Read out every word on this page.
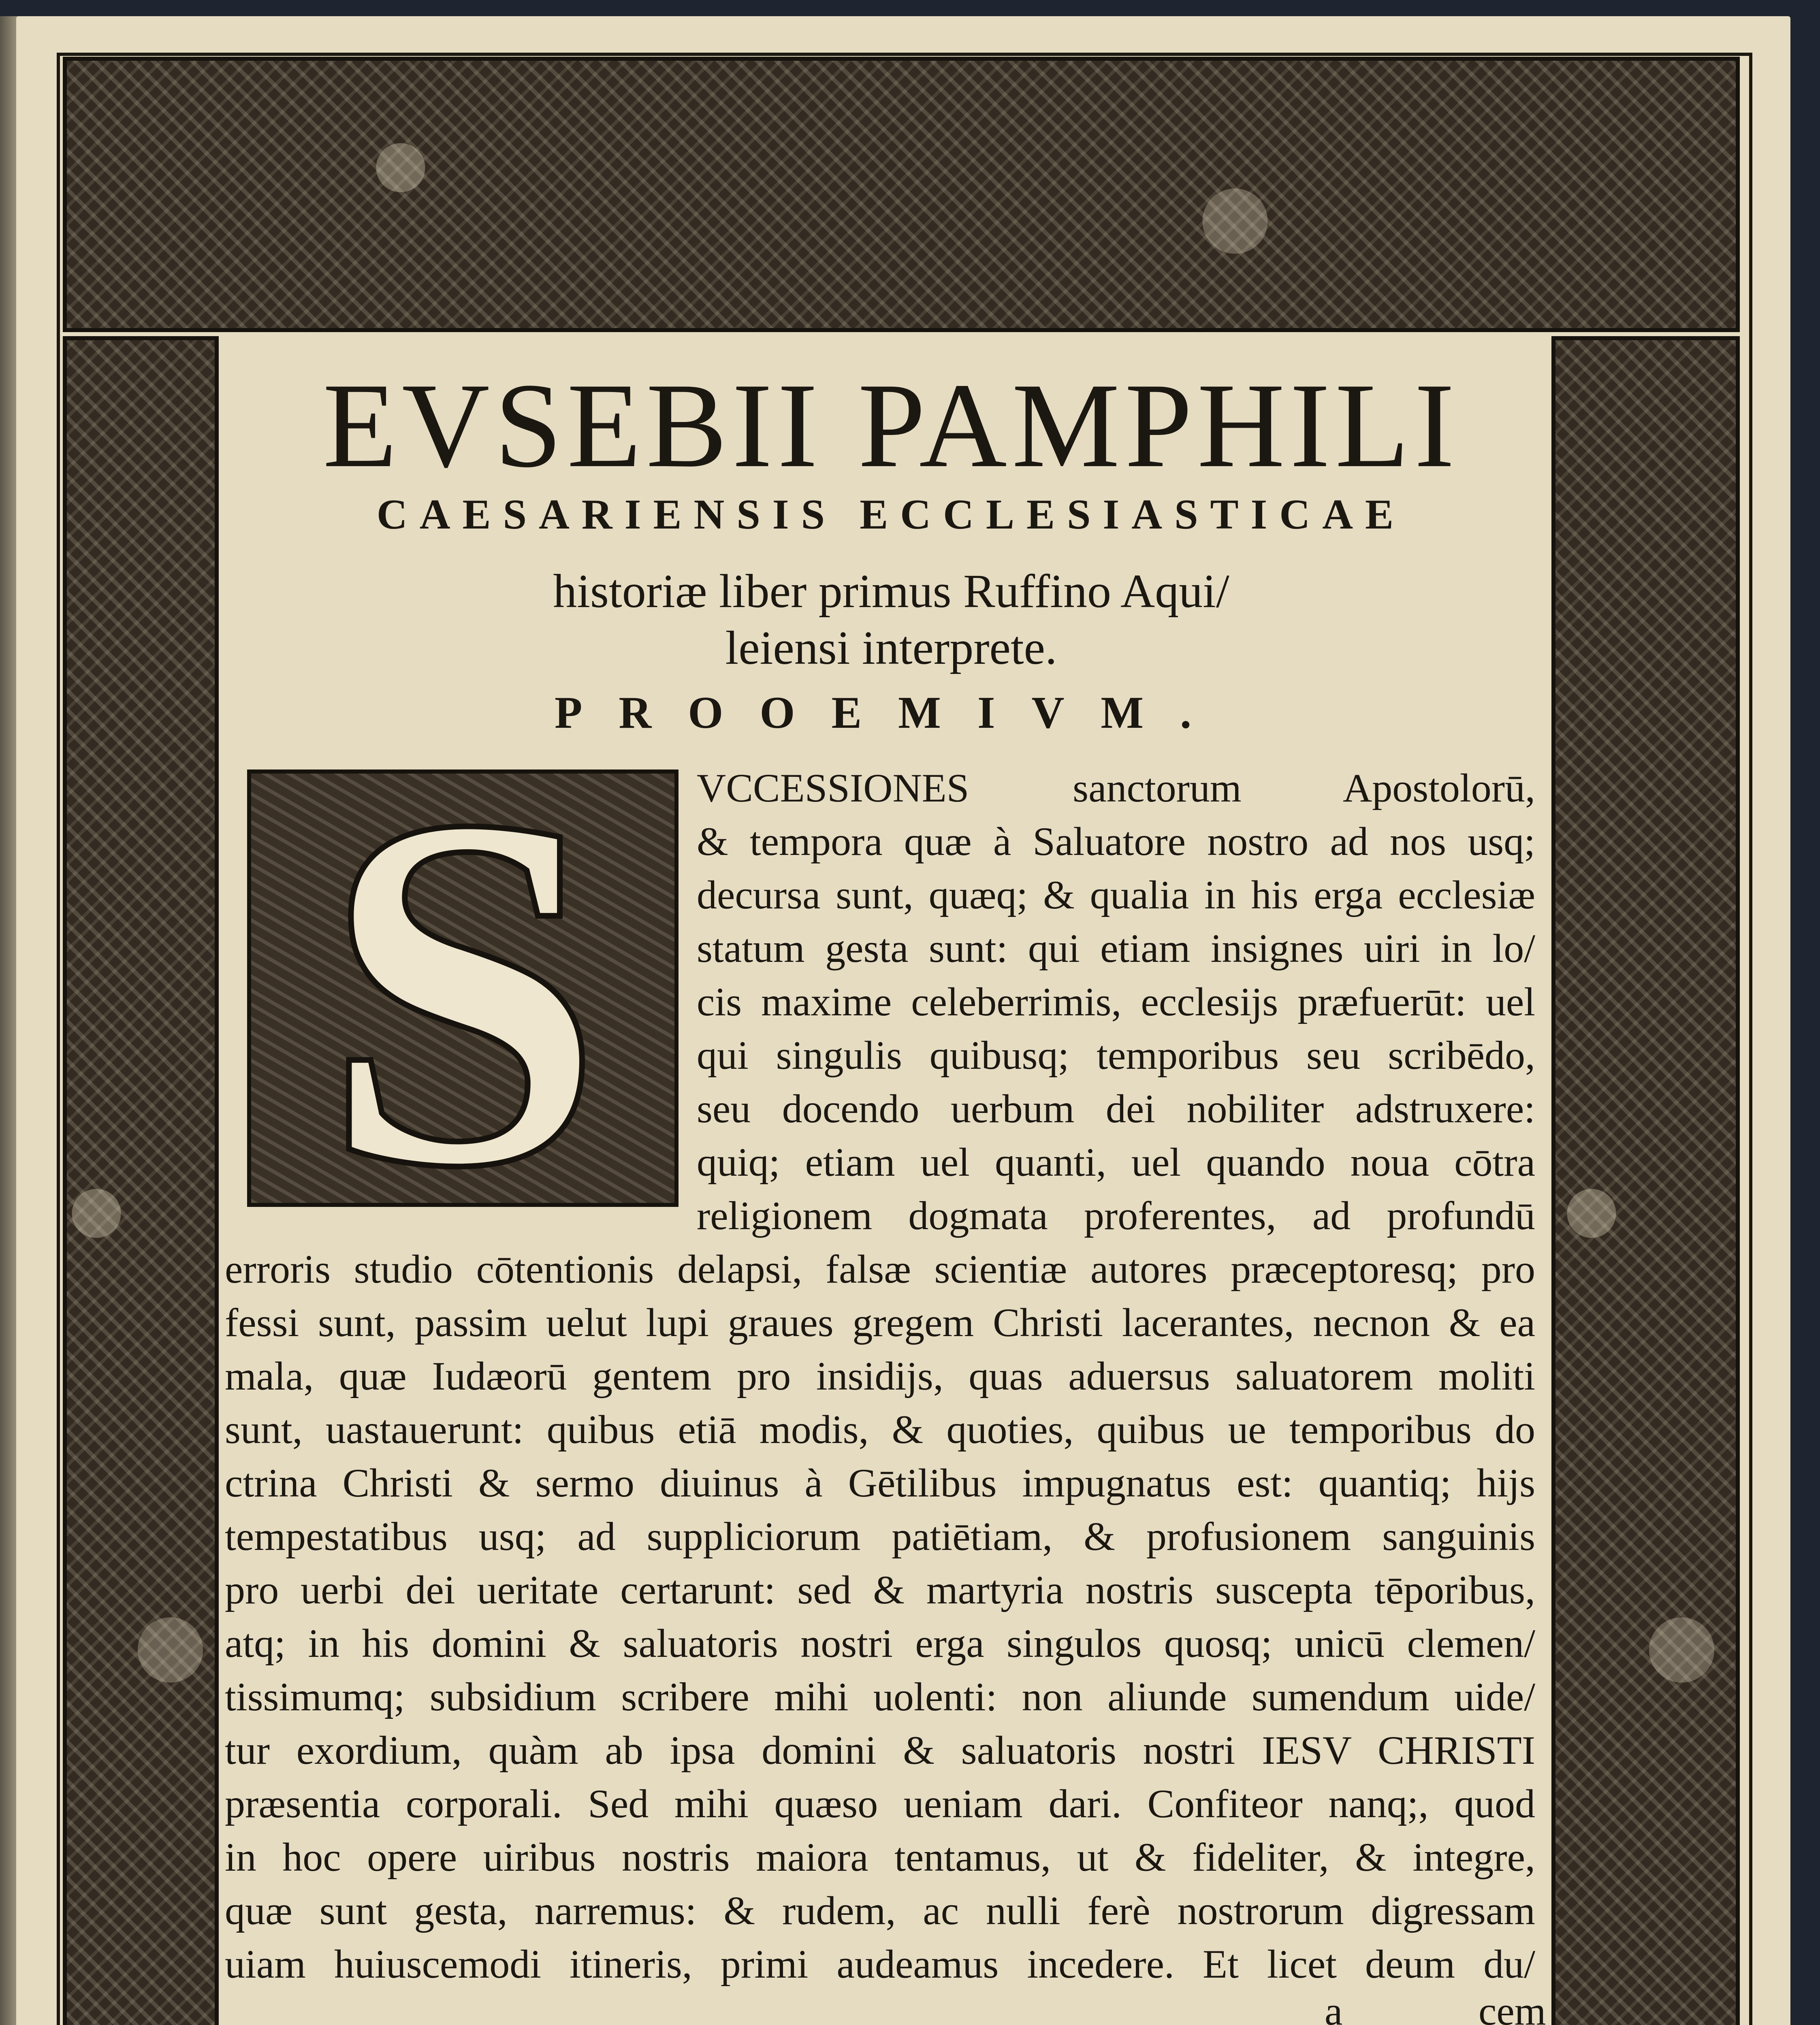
EVSEBII PAMPHILI
CAESARIENSIS ECCLESIASTICAE
historiæ liber primus Ruffino Aqui/
leiensi interprete.
PROOEMIVM.
S	VCCESSIONES sanctorum Apostolorū,
& tempora quæ à Saluatore nostro ad nos usq;
decursa sunt, quæq; & qualia in his erga ecclesiæ
statum gesta sunt: qui etiam insignes uiri in lo/
cis maxime celeberrimis, ecclesijs præfuerūt: uel
qui singulis quibusq; temporibus seu scribēdo,
seu docendo uerbum dei nobiliter adstruxere:
quiq; etiam uel quanti, uel quando noua cōtra
religionem dogmata proferentes, ad profundū
erroris studio cōtentionis delapsi, falsæ scientiæ autores præceptoresq; pro
fessi sunt, passim uelut lupi graues gregem Christi lacerantes, necnon & ea
mala, quæ Iudæorū gentem pro insidijs, quas aduersus saluatorem moliti
sunt, uastauerunt: quibus etiā modis, & quoties, quibus ue temporibus do
ctrina Christi & sermo diuinus à Gētilibus impugnatus est: quantiq; hijs
tempestatibus usq; ad suppliciorum patiētiam, & profusionem sanguinis
pro uerbi dei ueritate certarunt: sed & martyria nostris suscepta tēporibus,
atq; in his domini & saluatoris nostri erga singulos quosq; unicū clemen/
tissimumq; subsidium scribere mihi uolenti: non aliunde sumendum uide/
tur exordium, quàm ab ipsa domini & saluatoris nostri IESV CHRISTI
præsentia corporali. Sed mihi quæso ueniam dari. Confiteor nanq;, quod
in hoc opere uiribus nostris maiora tentamus, ut & fideliter, & integre,
quæ sunt gesta, narremus: & rudem, ac nulli ferè nostrorum digressam
uiam huiuscemodi itineris, primi audeamus incedere. Et licet deum du/
a	cem
